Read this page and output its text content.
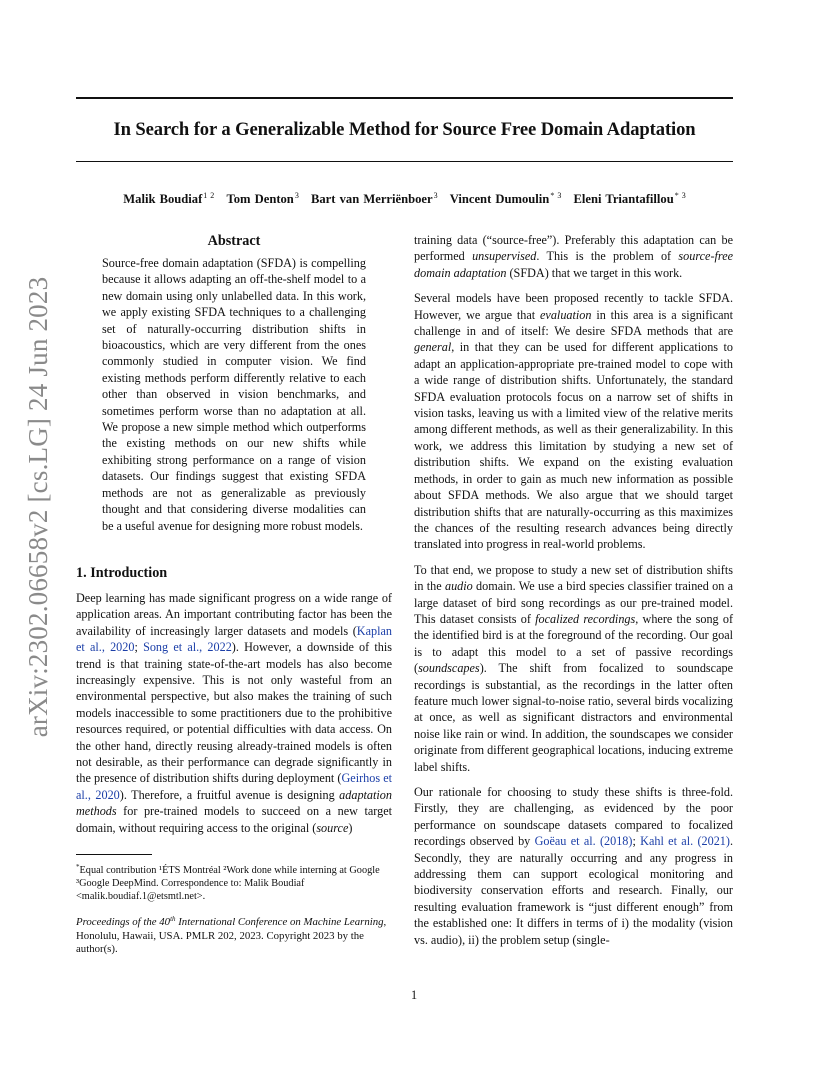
In Search for a Generalizable Method for Source Free Domain Adaptation
Malik Boudiaf$^{1 2}$ Tom Denton$^3$ Bart van Merriënboer$^3$ Vincent Dumoulin$^{* 3}$ Eleni Triantafillou$^{* 3}$
arXiv:2302.06658v2 [cs.LG] 24 Jun 2023
Abstract

Source-free domain adaptation (SFDA) is compelling because it allows adapting an off-the-shelf model to a new domain using only unlabelled data. In this work, we apply existing SFDA techniques to a challenging set of naturally-occurring distribution shifts in bioacoustics, which are very different from the ones commonly studied in computer vision. We find existing methods perform differently relative to each other than observed in vision benchmarks, and sometimes perform worse than no adaptation at all. We propose a new simple method which outperforms the existing methods on our new shifts while exhibiting strong performance on a range of vision datasets. Our findings suggest that existing SFDA methods are not as generalizable as previously thought and that considering diverse modalities can be a useful avenue for designing more robust models.

1. Introduction

Deep learning has made significant progress on a wide range of application areas. An important contributing factor has been the availability of increasingly larger datasets and models (Kaplan et al., 2020; Song et al., 2022). However, a downside of this trend is that training state-of-the-art models has also become increasingly expensive. This is not only wasteful from an environmental perspective, but also makes the training of such models inaccessible to some practitioners due to the prohibitive resources required, or potential difficulties with data access. On the other hand, directly reusing already-trained models is often not desirable, as their performance can degrade significantly in the presence of distribution shifts during deployment (Geirhos et al., 2020). Therefore, a fruitful avenue is designing adaptation methods for pre-trained models to succeed on a new target domain, without requiring access to the original (source)

*Equal contribution ¹ÉTS Montréal ²Work done while interning at Google ³Google DeepMind. Correspondence to: Malik Boudiaf <malik.boudiaf.1@etsmtl.net>.

Proceedings of the 40th International Conference on Machine Learning, Honolulu, Hawaii, USA. PMLR 202, 2023. Copyright 2023 by the author(s).

training data (“source-free”). Preferably this adaptation can be performed unsupervised. This is the problem of source-free domain adaptation (SFDA) that we target in this work.

Several models have been proposed recently to tackle SFDA. However, we argue that evaluation in this area is a significant challenge in and of itself: We desire SFDA methods that are general, in that they can be used for different applications to adapt an application-appropriate pre-trained model to cope with a wide range of distribution shifts. Unfortunately, the standard SFDA evaluation protocols focus on a narrow set of shifts in vision tasks, leaving us with a limited view of the relative merits among different methods, as well as their generalizability. In this work, we address this limitation by studying a new set of distribution shifts. We expand on the existing evaluation methods, in order to gain as much new information as possible about SFDA methods. We also argue that we should target distribution shifts that are naturally-occurring as this maximizes the chances of the resulting research advances being directly translated into progress in real-world problems.

To that end, we propose to study a new set of distribution shifts in the audio domain. We use a bird species classifier trained on a large dataset of bird song recordings as our pre-trained model. This dataset consists of focalized recordings, where the song of the identified bird is at the foreground of the recording. Our goal is to adapt this model to a set of passive recordings (soundscapes). The shift from focalized to soundscape recordings is substantial, as the recordings in the latter often feature much lower signal-to-noise ratio, several birds vocalizing at once, as well as significant distractors and environmental noise like rain or wind. In addition, the soundscapes we consider originate from different geographical locations, inducing extreme label shifts.

Our rationale for choosing to study these shifts is three-fold. Firstly, they are challenging, as evidenced by the poor performance on soundscape datasets compared to focalized recordings observed by Goëau et al. (2018); Kahl et al. (2021). Secondly, they are naturally occurring and any progress in addressing them can support ecological monitoring and biodiversity conservation efforts and research. Finally, our resulting evaluation framework is “just different enough” from the established one: It differs in terms of i) the modality (vision vs. audio), ii) the problem setup (single-

1
